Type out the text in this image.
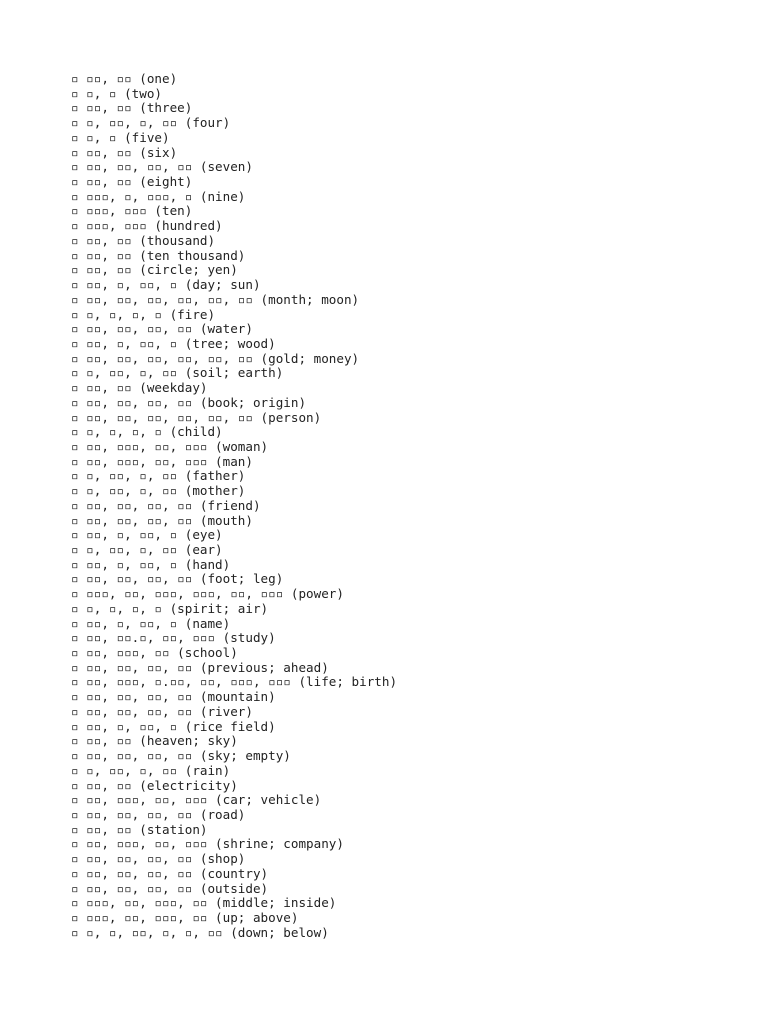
▫ ▫▫, ▫▫ (one)
▫ ▫, ▫ (two)
▫ ▫▫, ▫▫ (three)
▫ ▫, ▫▫, ▫, ▫▫ (four)
▫ ▫, ▫ (five)
▫ ▫▫, ▫▫ (six)
▫ ▫▫, ▫▫, ▫▫, ▫▫ (seven)
▫ ▫▫, ▫▫ (eight)
▫ ▫▫▫, ▫, ▫▫▫, ▫ (nine)
▫ ▫▫▫, ▫▫▫ (ten)
▫ ▫▫▫, ▫▫▫ (hundred)
▫ ▫▫, ▫▫ (thousand)
▫ ▫▫, ▫▫ (ten thousand)
▫ ▫▫, ▫▫ (circle; yen)
▫ ▫▫, ▫, ▫▫, ▫ (day; sun)
▫ ▫▫, ▫▫, ▫▫, ▫▫, ▫▫, ▫▫ (month; moon)
▫ ▫, ▫, ▫, ▫ (fire)
▫ ▫▫, ▫▫, ▫▫, ▫▫ (water)
▫ ▫▫, ▫, ▫▫, ▫ (tree; wood)
▫ ▫▫, ▫▫, ▫▫, ▫▫, ▫▫, ▫▫ (gold; money)
▫ ▫, ▫▫, ▫, ▫▫ (soil; earth)
▫ ▫▫, ▫▫ (weekday)
▫ ▫▫, ▫▫, ▫▫, ▫▫ (book; origin)
▫ ▫▫, ▫▫, ▫▫, ▫▫, ▫▫, ▫▫ (person)
▫ ▫, ▫, ▫, ▫ (child)
▫ ▫▫, ▫▫▫, ▫▫, ▫▫▫ (woman)
▫ ▫▫, ▫▫▫, ▫▫, ▫▫▫ (man)
▫ ▫, ▫▫, ▫, ▫▫ (father)
▫ ▫, ▫▫, ▫, ▫▫ (mother)
▫ ▫▫, ▫▫, ▫▫, ▫▫ (friend)
▫ ▫▫, ▫▫, ▫▫, ▫▫ (mouth)
▫ ▫▫, ▫, ▫▫, ▫ (eye)
▫ ▫, ▫▫, ▫, ▫▫ (ear)
▫ ▫▫, ▫, ▫▫, ▫ (hand)
▫ ▫▫, ▫▫, ▫▫, ▫▫ (foot; leg)
▫ ▫▫▫, ▫▫, ▫▫▫, ▫▫▫, ▫▫, ▫▫▫ (power)
▫ ▫, ▫, ▫, ▫ (spirit; air)
▫ ▫▫, ▫, ▫▫, ▫ (name)
▫ ▫▫, ▫▫.▫, ▫▫, ▫▫▫ (study)
▫ ▫▫, ▫▫▫, ▫▫ (school)
▫ ▫▫, ▫▫, ▫▫, ▫▫ (previous; ahead)
▫ ▫▫, ▫▫▫, ▫.▫▫, ▫▫, ▫▫▫, ▫▫▫ (life; birth)
▫ ▫▫, ▫▫, ▫▫, ▫▫ (mountain)
▫ ▫▫, ▫▫, ▫▫, ▫▫ (river)
▫ ▫▫, ▫, ▫▫, ▫ (rice field)
▫ ▫▫, ▫▫ (heaven; sky)
▫ ▫▫, ▫▫, ▫▫, ▫▫ (sky; empty)
▫ ▫, ▫▫, ▫, ▫▫ (rain)
▫ ▫▫, ▫▫ (electricity)
▫ ▫▫, ▫▫▫, ▫▫, ▫▫▫ (car; vehicle)
▫ ▫▫, ▫▫, ▫▫, ▫▫ (road)
▫ ▫▫, ▫▫ (station)
▫ ▫▫, ▫▫▫, ▫▫, ▫▫▫ (shrine; company)
▫ ▫▫, ▫▫, ▫▫, ▫▫ (shop)
▫ ▫▫, ▫▫, ▫▫, ▫▫ (country)
▫ ▫▫, ▫▫, ▫▫, ▫▫ (outside)
▫ ▫▫▫, ▫▫, ▫▫▫, ▫▫ (middle; inside)
▫ ▫▫▫, ▫▫, ▫▫▫, ▫▫ (up; above)
▫ ▫, ▫, ▫▫, ▫, ▫, ▫▫ (down; below)
